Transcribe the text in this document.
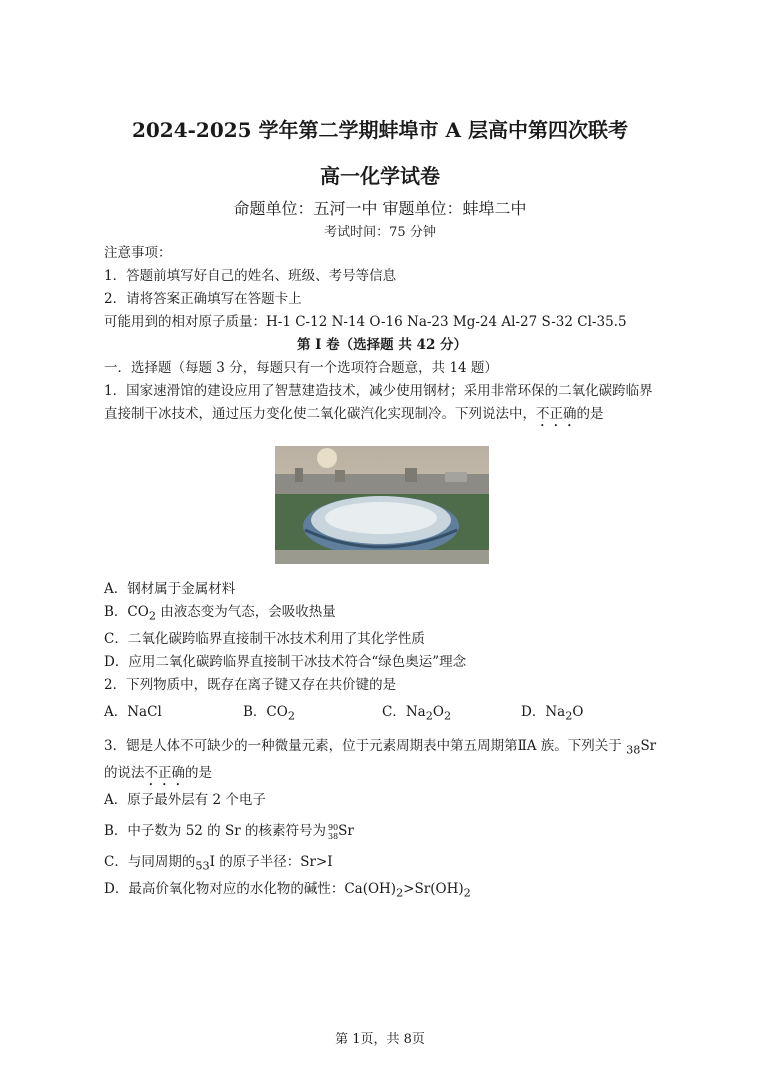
2024-2025 学年第二学期蚌埠市 A 层高中第四次联考
高一化学试卷
命题单位：五河一中 审题单位：蚌埠二中
考试时间：75 分钟

注意事项：

1．答题前填写好自己的姓名、班级、考号等信息

2．请将答案正确填写在答题卡上

可能用到的相对原子质量：H-1 C-12 N-14 O-16 Na-23 Mg-24 Al-27 S-32 Cl-35.5

第 I 卷（选择题 共 42 分）

一．选择题（每题 3 分，每题只有一个选项符合题意，共 14 题）

1．国家速滑馆的建设应用了智慧建造技术，减少使用钢材；采用非常环保的二氧化碳跨临界直接制干冰技术，通过压力变化使二氧化碳汽化实现制冷。下列说法中，不正确的是

A．钢材属于金属材料

B．$CO_2$ 由液态变为气态，会吸收热量

C．二氧化碳跨临界直接制干冰技术利用了其化学性质

D．应用二氧化碳跨临界直接制干冰技术符合“绿色奥运”理念

2．下列物质中，既存在离子键又存在共价键的是

A．NaCl	B．$CO_2$	C．$Na_2O_2$	D．$Na_2O$

3．锶是人体不可缺少的一种微量元素，位于元素周期表中第五周期第ⅡA 族。下列关于 $_{38}$Sr 的说法不正确的是

A．原子最外层有 2 个电子

B．中子数为 52 的 Sr 的核素符号为 90
38Sr

C．与同周期的$_{53}$I 的原子半径：Sr>I

D．最高价氧化物对应的水化物的碱性：$Ca(OH)_2>Sr(OH)_2$

第 1页，共 8页
